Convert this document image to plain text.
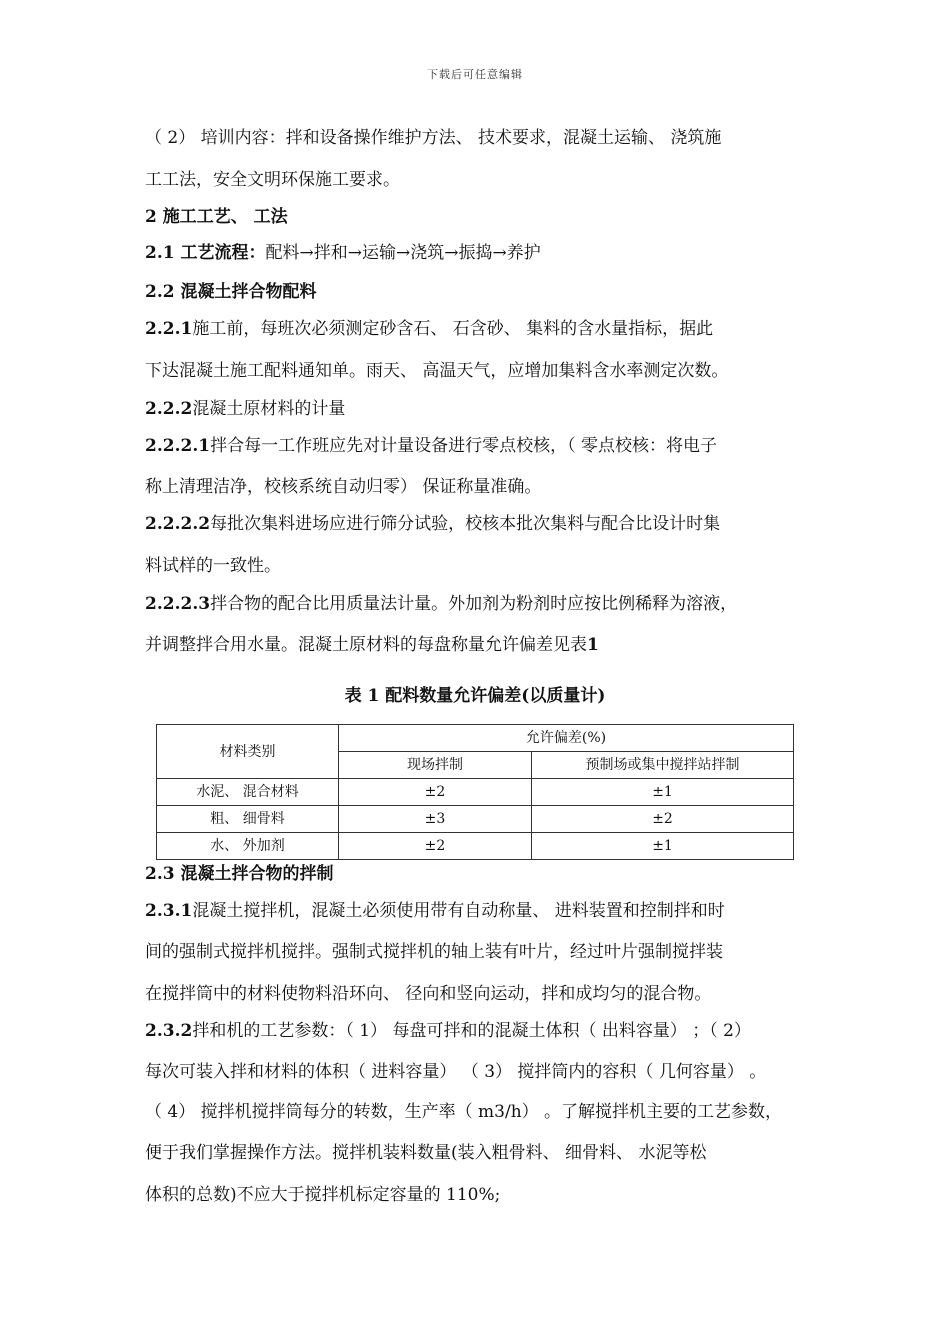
下载后可任意编辑
（ 2） 培训内容：拌和设备操作维护方法、 技术要求，混凝土运输、 浇筑施
工工法，安全文明环保施工要求。
2 施工工艺、 工法
2.1 工艺流程：配料→拌和→运输→浇筑→振捣→养护
2.2 混凝土拌合物配料
2.2.1施工前，每班次必须测定砂含石、 石含砂、 集料的含水量指标，据此
下达混凝土施工配料通知单。雨天、 高温天气，应增加集料含水率测定次数。
2.2.2混凝土原材料的计量
2.2.2.1拌合每一工作班应先对计量设备进行零点校核，（ 零点校核：将电子
称上清理洁净，校核系统自动归零） 保证称量准确。
2.2.2.2每批次集料进场应进行筛分试验，校核本批次集料与配合比设计时集
料试样的一致性。
2.2.2.3拌合物的配合比用质量法计量。外加剂为粉剂时应按比例稀释为溶液，
并调整拌合用水量。混凝土原材料的每盘称量允许偏差见表1
表 1 配料数量允许偏差(以质量计)
材料类别	允许偏差(%)	
	现场拌制	预制场或集中搅拌站拌制
水泥、 混合材料	±2	±1
粗、 细骨料	±3	±2
水、 外加剂	±2	±1
2.3 混凝土拌合物的拌制
2.3.1混凝土搅拌机，混凝土必须使用带有自动称量、 进料装置和控制拌和时
间的强制式搅拌机搅拌。强制式搅拌机的轴上装有叶片，经过叶片强制搅拌装
在搅拌筒中的材料使物料沿环向、 径向和竖向运动，拌和成均匀的混合物。
2.3.2拌和机的工艺参数：（ 1） 每盘可拌和的混凝土体积（ 出料容量） ；（ 2）
每次可装入拌和材料的体积（ 进料容量） （ 3） 搅拌筒内的容积（ 几何容量） 。
（ 4） 搅拌机搅拌筒每分的转数，生产率（ m3/h） 。了解搅拌机主要的工艺参数，
便于我们掌握操作方法。搅拌机装料数量(装入粗骨料、 细骨料、 水泥等松
体积的总数)不应大于搅拌机标定容量的 110%;
